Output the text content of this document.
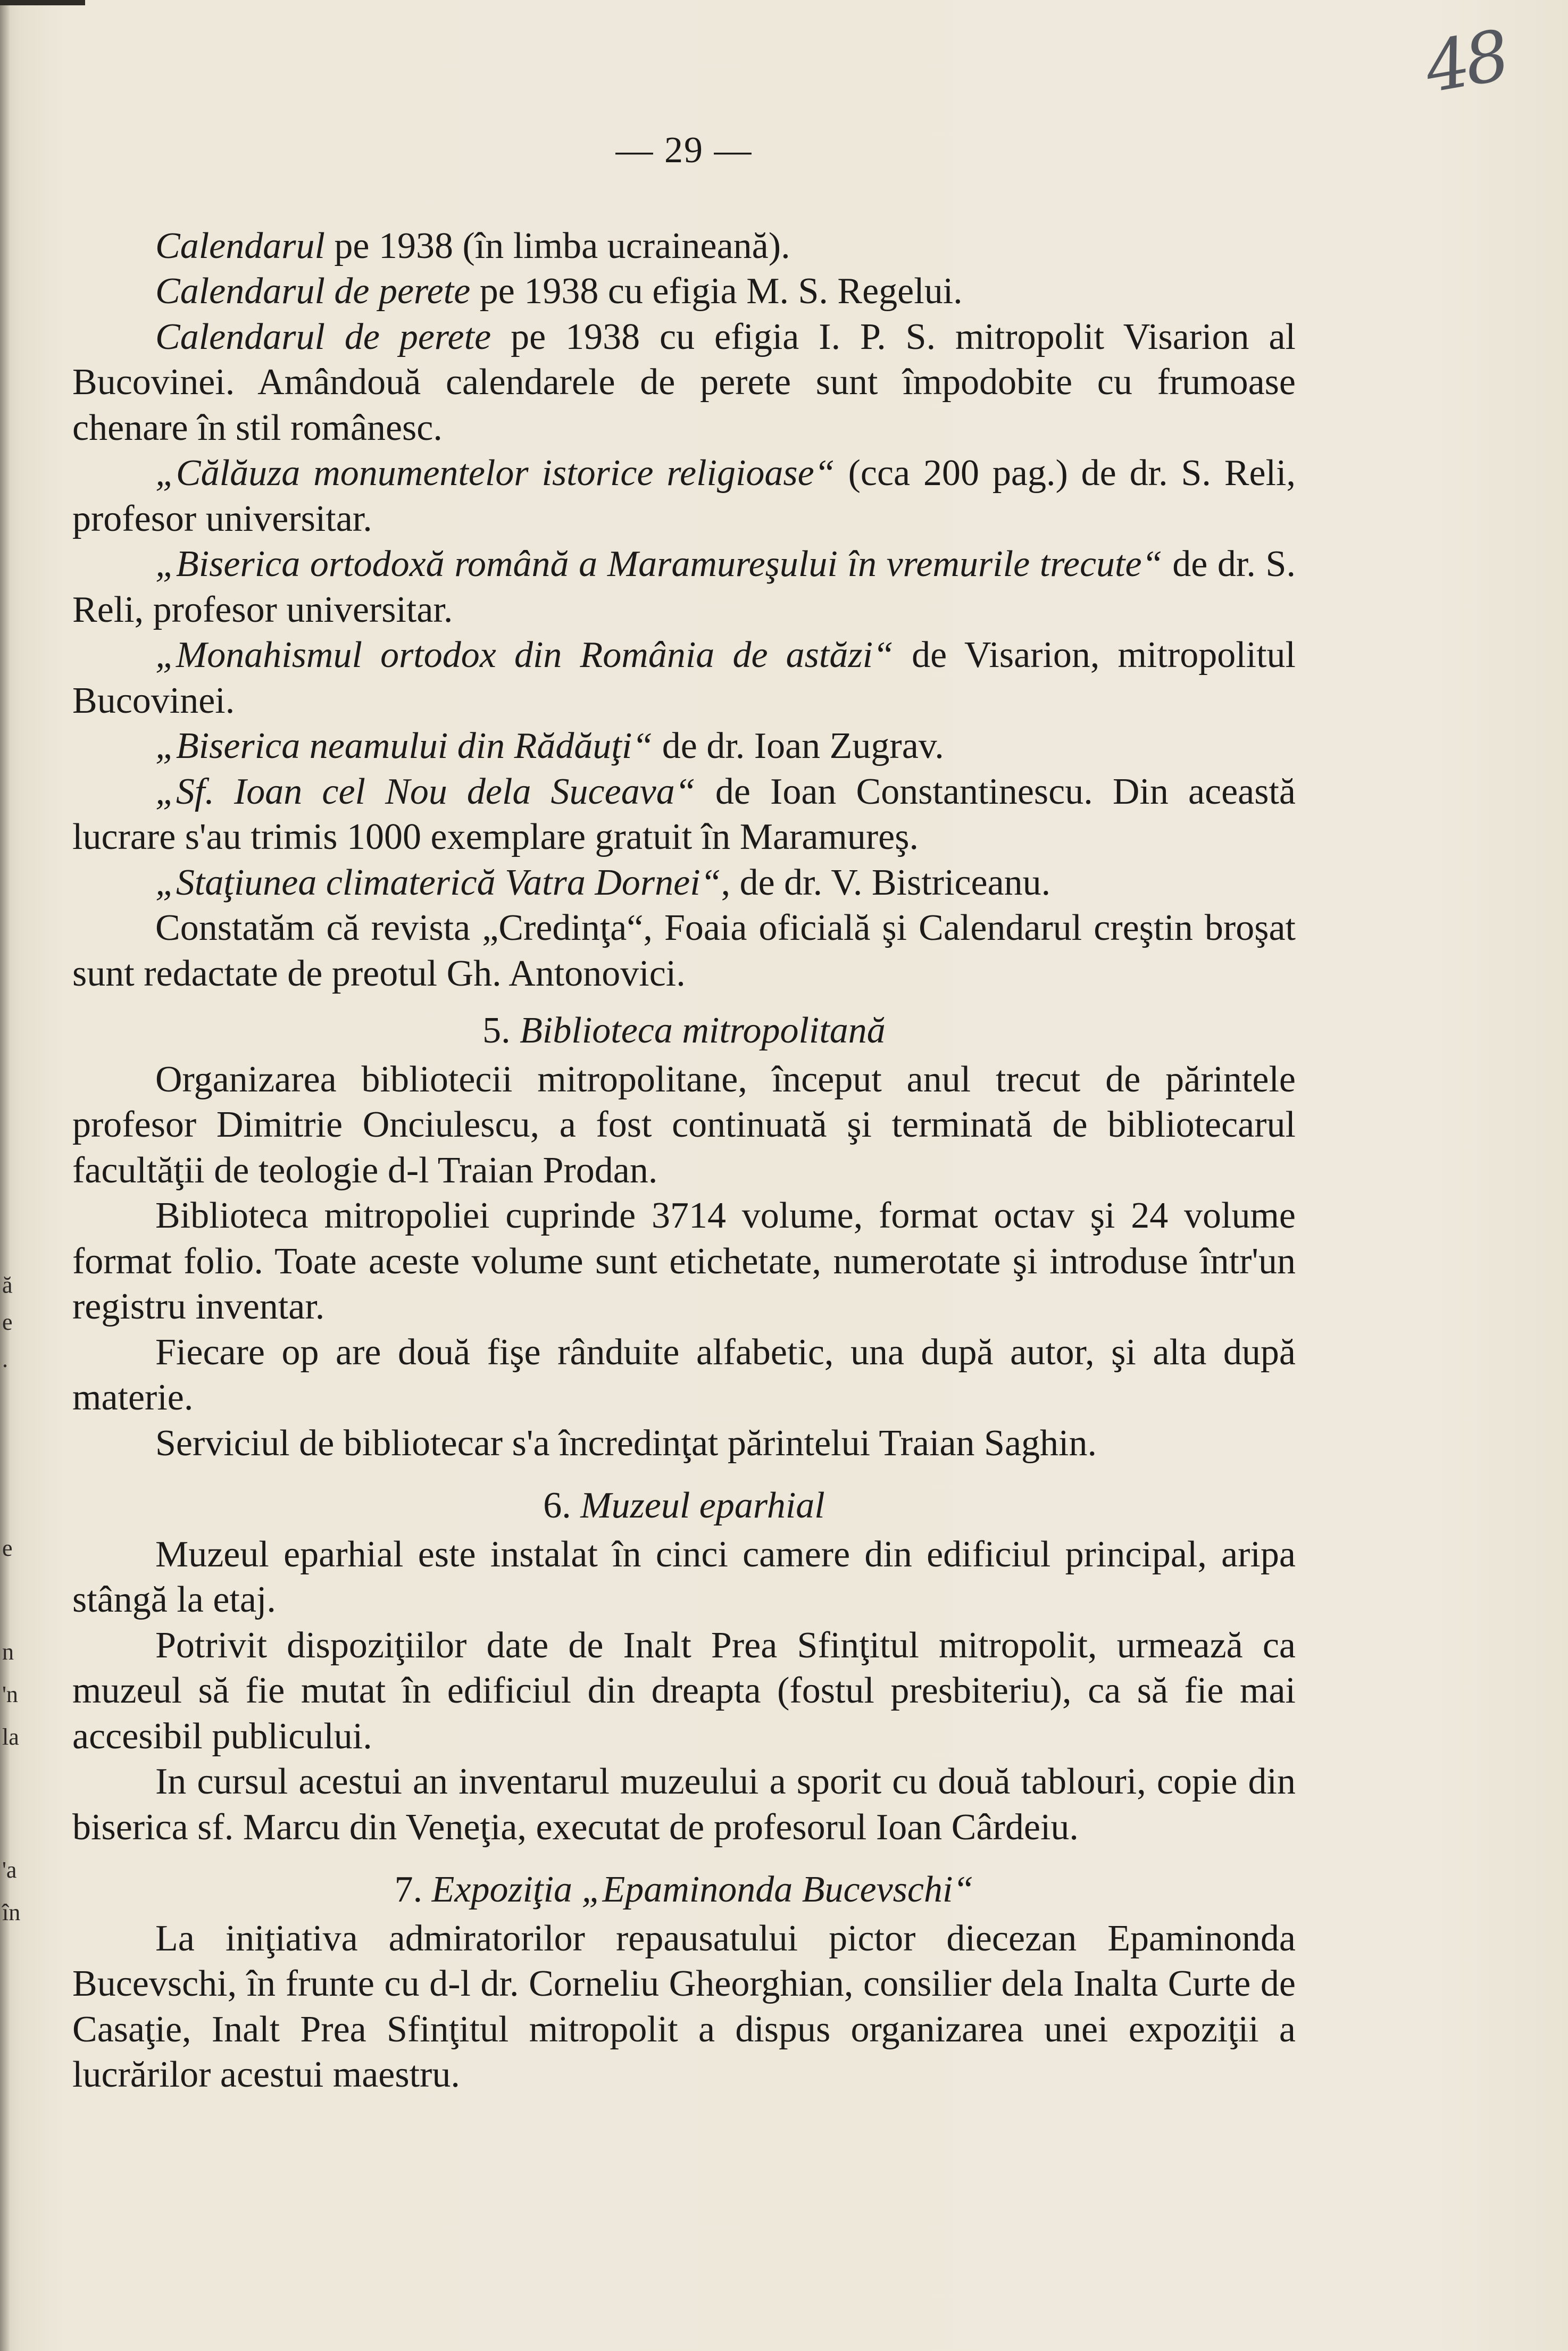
ă
e
.
e
n
'n
la
'a
în
48
— 29 —

Calendarul pe 1938 (în limba ucraineană).

Calendarul de perete pe 1938 cu efigia M. S. Regelui.

Calendarul de perete pe 1938 cu efigia I. P. S. mitropolit Visarion al Bucovinei. Amândouă calendarele de perete sunt împodobite cu frumoase chenare în stil românesc.

„Călăuza monumentelor istorice religioase“ (cca 200 pag.) de dr. S. Reli, profesor universitar.

„Biserica ortodoxă română a Maramureşului în vremurile trecute“ de dr. S. Reli, profesor universitar.

„Monahismul ortodox din România de astăzi“ de Visarion, mitropolitul Bucovinei.

„Biserica neamului din Rădăuţi“ de dr. Ioan Zugrav.

„Sf. Ioan cel Nou dela Suceava“ de Ioan Constantinescu. Din această lucrare s'au trimis 1000 exemplare gratuit în Maramureş.

„Staţiunea climaterică Vatra Dornei“, de dr. V. Bistriceanu.

Constatăm că revista „Credinţa“, Foaia oficială şi Calendarul creştin broşat sunt redactate de preotul Gh. Antonovici.

5. Biblioteca mitropolitană

Organizarea bibliotecii mitropolitane, început anul trecut de părintele profesor Dimitrie Onciulescu, a fost continuată şi terminată de bibliotecarul facultăţii de teologie d-l Traian Prodan.

Biblioteca mitropoliei cuprinde 3714 volume, format octav şi 24 volume format folio. Toate aceste volume sunt etichetate, numerotate şi introduse într'un registru inventar.

Fiecare op are două fişe rânduite alfabetic, una după autor, şi alta după materie.

Serviciul de bibliotecar s'a încredinţat părintelui Traian Saghin.

6. Muzeul eparhial

Muzeul eparhial este instalat în cinci camere din edificiul principal, aripa stângă la etaj.

Potrivit dispoziţiilor date de Inalt Prea Sfinţitul mitropolit, urmează ca muzeul să fie mutat în edificiul din dreapta (fostul presbiteriu), ca să fie mai accesibil publicului.

In cursul acestui an inventarul muzeului a sporit cu două tablouri, copie din biserica sf. Marcu din Veneţia, executat de profesorul Ioan Cârdeiu.

7. Expoziţia „Epaminonda Bucevschi“

La iniţiativa admiratorilor repausatului pictor diecezan Epaminonda Bucevschi, în frunte cu d-l dr. Corneliu Gheorghian, consilier dela Inalta Curte de Casaţie, Inalt Prea Sfinţitul mitropolit a dispus organizarea unei expoziţii a lucrărilor acestui maestru.
